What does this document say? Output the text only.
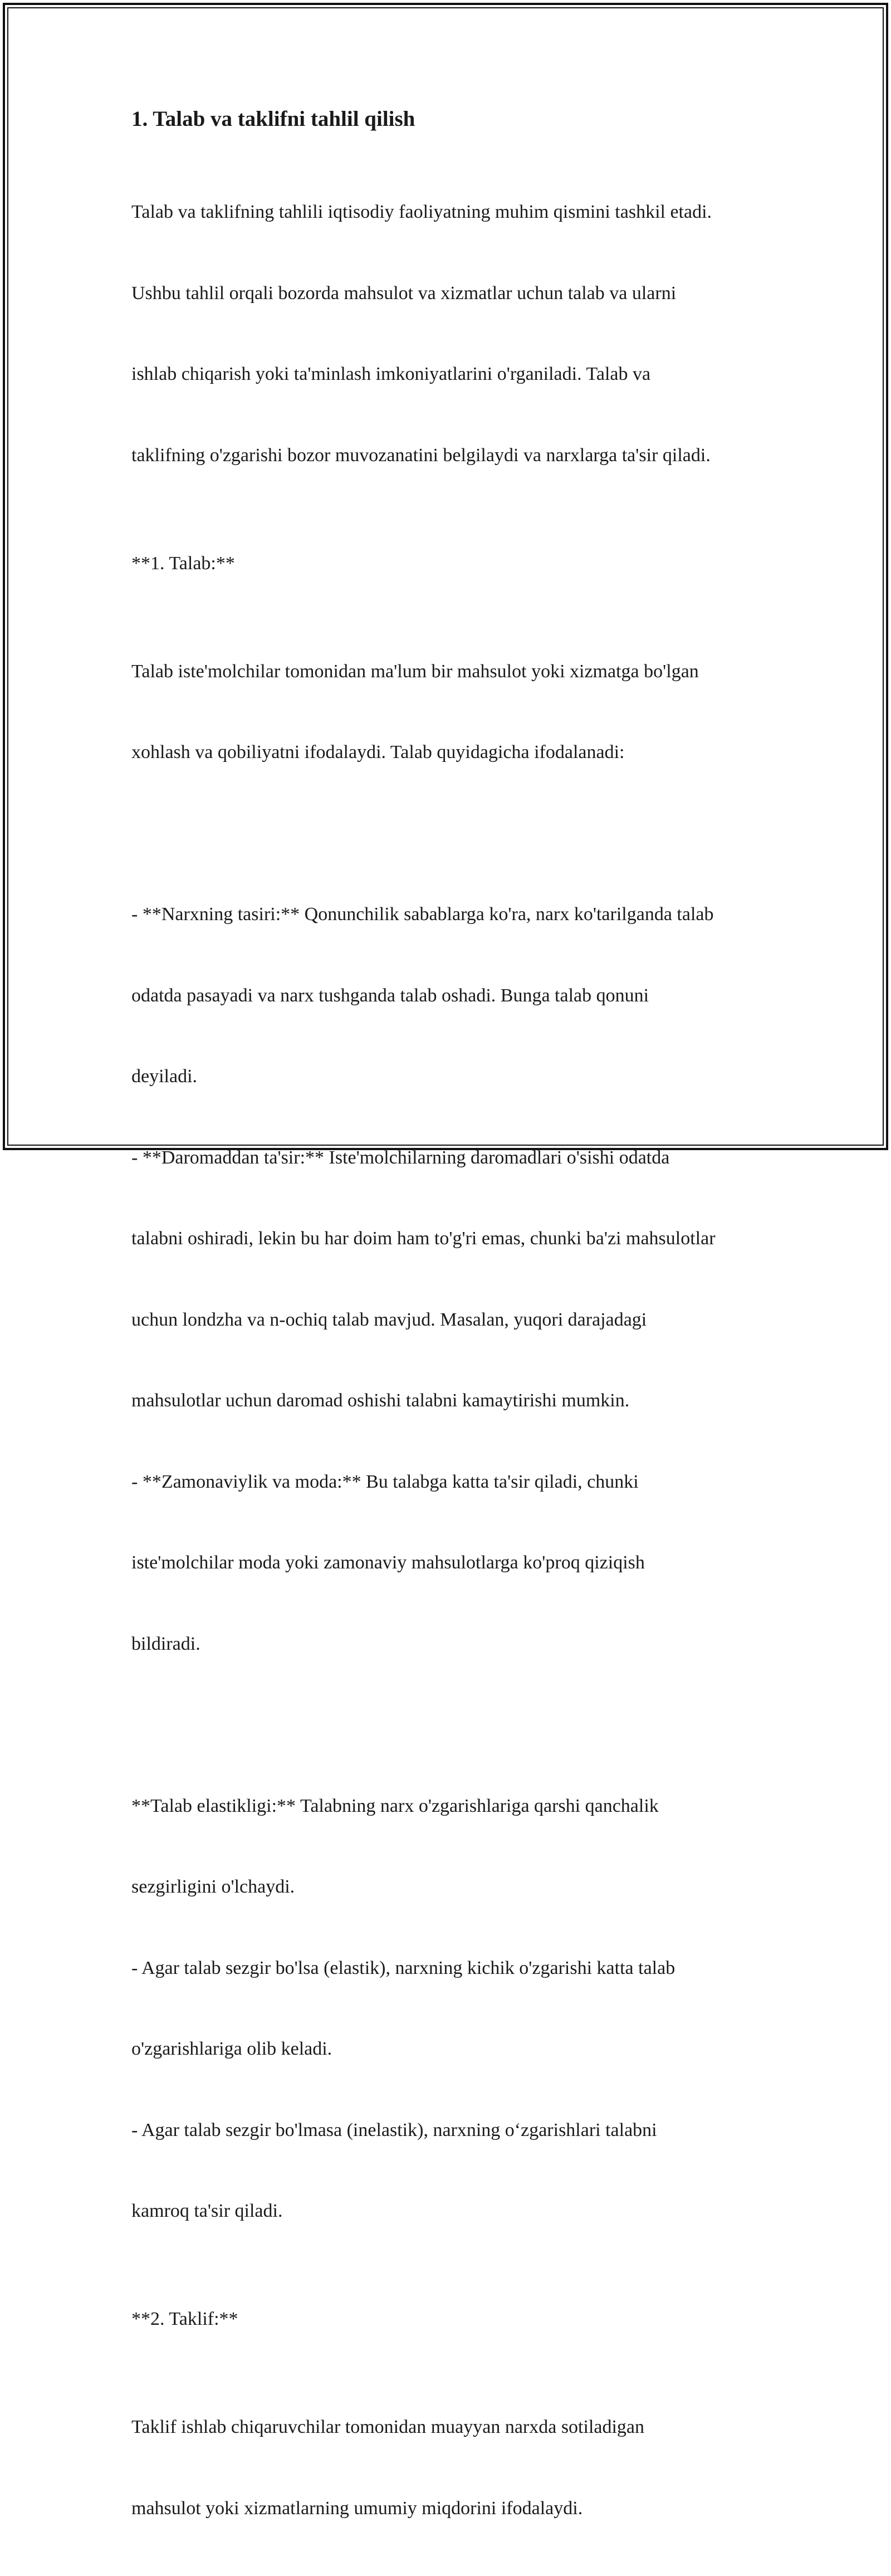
1. Talab va taklifni tahlil qilish

Talab va taklifning tahlili iqtisodiy faoliyatning muhim qismini tashkil etadi.

Ushbu tahlil orqali bozorda mahsulot va xizmatlar uchun talab va ularni

ishlab chiqarish yoki ta'minlash imkoniyatlarini o'rganiladi. Talab va

taklifning o'zgarishi bozor muvozanatini belgilaydi va narxlarga ta'sir qiladi.

**1. Talab:**

Talab iste'molchilar tomonidan ma'lum bir mahsulot yoki xizmatga bo'lgan

xohlash va qobiliyatni ifodalaydi. Talab quyidagicha ifodalanadi:

- **Narxning tasiri:** Qonunchilik sabablarga ko'ra, narx ko'tarilganda talab

odatda pasayadi va narx tushganda talab oshadi. Bunga talab qonuni

deyiladi.

- **Daromaddan ta'sir:** Iste'molchilarning daromadlari o'sishi odatda

talabni oshiradi, lekin bu har doim ham to'g'ri emas, chunki ba'zi mahsulotlar

uchun londzha va n-ochiq talab mavjud. Masalan, yuqori darajadagi

mahsulotlar uchun daromad oshishi talabni kamaytirishi mumkin.

- **Zamonaviylik va moda:** Bu talabga katta ta'sir qiladi, chunki

iste'molchilar moda yoki zamonaviy mahsulotlarga ko'proq qiziqish

bildiradi.

**Talab elastikligi:** Talabning narx o'zgarishlariga qarshi qanchalik

sezgirligini o'lchaydi.

- Agar talab sezgir bo'lsa (elastik), narxning kichik o'zgarishi katta talab

o'zgarishlariga olib keladi.

- Agar talab sezgir bo'lmasa (inelastik), narxning o‘zgarishlari talabni

kamroq ta'sir qiladi.

**2. Taklif:**

Taklif ishlab chiqaruvchilar tomonidan muayyan narxda sotiladigan

mahsulot yoki xizmatlarning umumiy miqdorini ifodalaydi.
